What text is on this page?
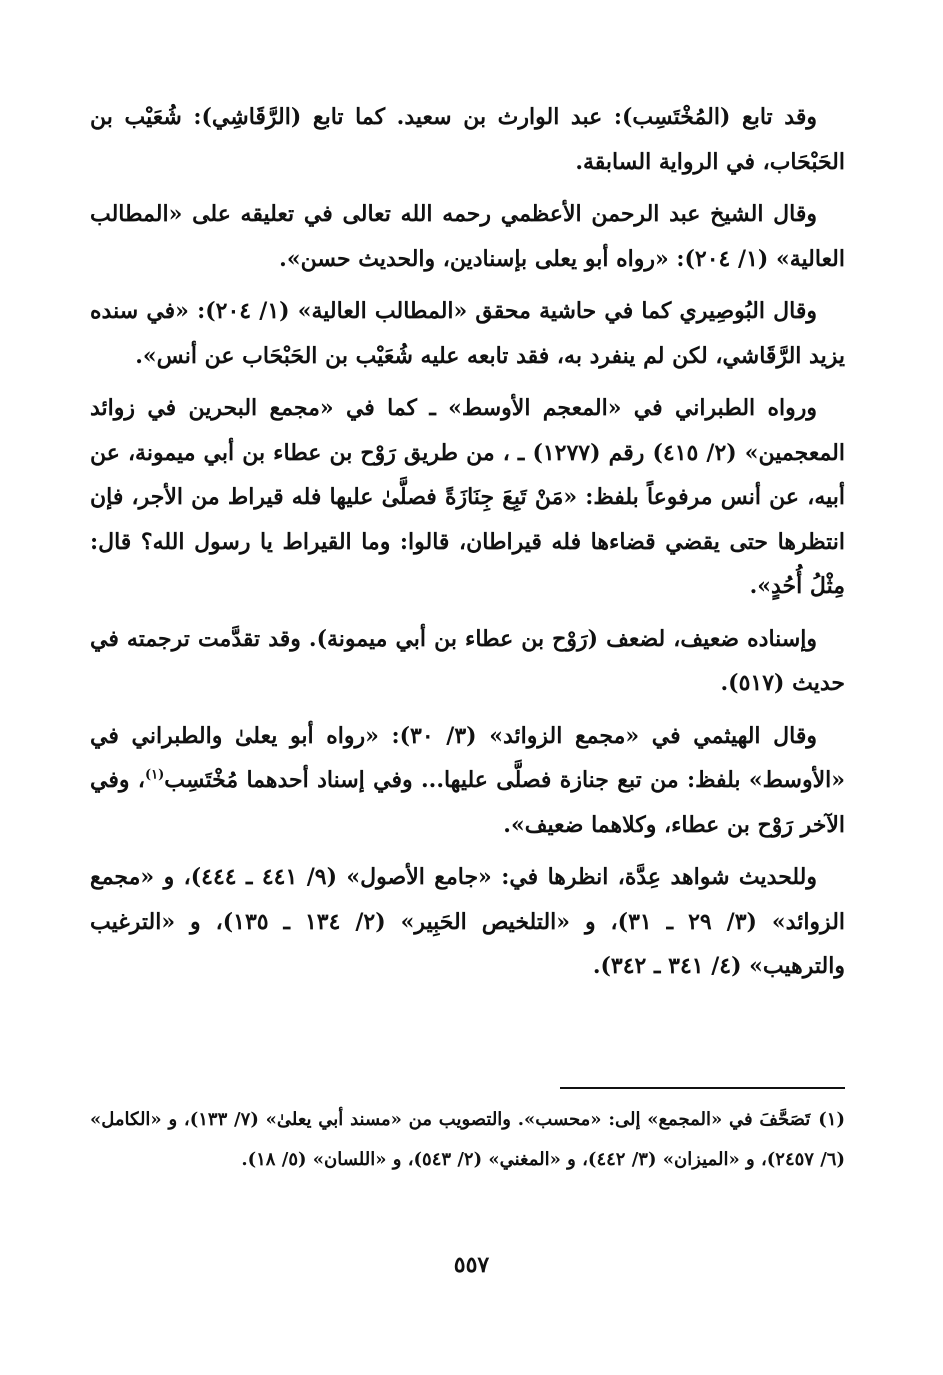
وقد تابع (المُخْتَسِب): عبد الوارث بن سعيد. كما تابع (الرَّقَاشِي): شُعَيْب بن الحَبْحَاب، في الرواية السابقة.

وقال الشيخ عبد الرحمن الأعظمي رحمه الله تعالى في تعليقه على «المطالب العالية» (١/ ٢٠٤): «رواه أبو يعلى بإسنادين، والحديث حسن».

وقال البُوصِيري كما في حاشية محقق «المطالب العالية» (١/ ٢٠٤): «في سنده يزيد الرَّقَاشي، لكن لم ينفرد به، فقد تابعه عليه شُعَيْب بن الحَبْحَاب عن أنس».

ورواه الطبراني في «المعجم الأوسط» ـ كما في «مجمع البحرين في زوائد المعجمين» (٢/ ٤١٥) رقم (١٢٧٧) ـ ، من طريق رَوْح بن عطاء بن أبي ميمونة، عن أبيه، عن أنس مرفوعاً بلفظ: «مَنْ تَبِعَ جِنَازَةً فصلَّىٰ عليها فله قيراط من الأجر، فإن انتظرها حتى يقضي قضاءها فله قيراطان، قالوا: وما القيراط يا رسول الله؟ قال: مِثْلُ أُحُدٍ».

وإسناده ضعيف، لضعف (رَوْح بن عطاء بن أبي ميمونة). وقد تقدَّمت ترجمته في حديث (٥١٧).

وقال الهيثمي في «مجمع الزوائد» (٣/ ٣٠): «رواه أبو يعلىٰ والطبراني في «الأوسط» بلفظ: من تبع جنازة فصلَّى عليها... وفي إسناد أحدهما مُخْتَسِب$^{(١)}$، وفي الآخر رَوْح بن عطاء، وكلاهما ضعيف».

وللحديث شواهد عِدَّة، انظرها في: «جامع الأصول» (٩/ ٤٤١ ـ ٤٤٤)، و «مجمع الزوائد» (٣/ ٢٩ ـ ٣١)، و «التلخيص الحَبِير» (٢/ ١٣٤ ـ ١٣٥)، و «الترغيب والترهيب» (٤/ ٣٤١ ـ ٣٤٢).

(١)تَصَحَّفَ في «المجمع» إلى: «محسب». والتصويب من «مسند أبي يعلىٰ» (٧/ ١٣٣)، و «الكامل» (٦/ ٢٤٥٧)، و «الميزان» (٣/ ٤٤٢)، و «المغني» (٢/ ٥٤٣)، و «اللسان» (٥/ ١٨).

٥٥٧
